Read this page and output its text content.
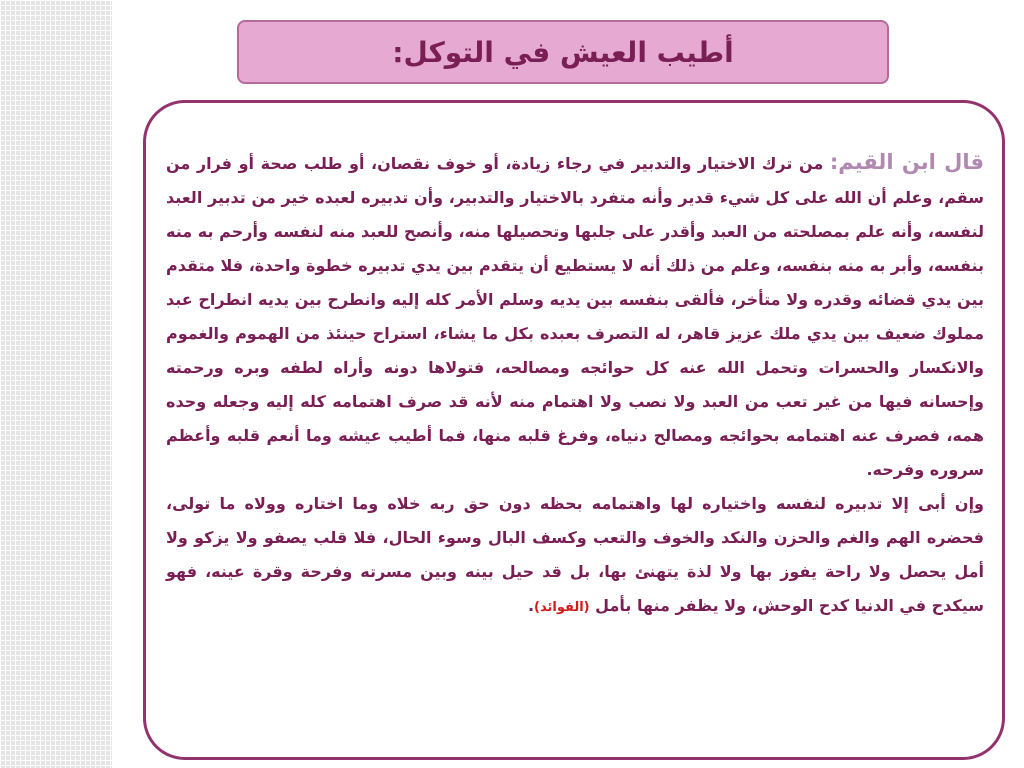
أطيب العيش في التوكل:

قال ابن القيم: من ترك الاختيار والتدبير في رجاء زيادة، أو خوف نقصان، أو طلب صحة أو فرار من سقم، وعلم أن الله على كل شيء قدير وأنه متفرد بالاختيار والتدبير، وأن تدبيره لعبده خير من تدبير العبد لنفسه، وأنه علم بمصلحته من العبد وأقدر على جلبها وتحصيلها منه، وأنصح للعبد منه لنفسه وأرحم به منه بنفسه، وأبر به منه بنفسه، وعلم من ذلك أنه لا يستطيع أن يتقدم بين يدي تدبيره خطوة واحدة، فلا متقدم بين يدي قضائه وقدره ولا متأخر، فألقى بنفسه بين يديه وسلم الأمر كله إليه وانطرح بين يديه انطراح عبد مملوك ضعيف بين يدي ملك عزيز قاهر، له التصرف بعبده بكل ما يشاء، استراح حينئذ من الهموم والغموم والانكسار والحسرات وتحمل الله عنه كل حوائجه ومصالحه، فتولاها دونه وأراه لطفه وبره ورحمته وإحسانه فيها من غير تعب من العبد ولا نصب ولا اهتمام منه لأنه قد صرف اهتمامه كله إليه وجعله وحده همه، فصرف عنه اهتمامه بحوائجه ومصالح دنياه، وفرغ قلبه منها، فما أطيب عيشه وما أنعم قلبه وأعظم سروره وفرحه.

وإن أبى إلا تدبيره لنفسه واختياره لها واهتمامه بحظه دون حق ربه خلاه وما اختاره وولاه ما تولى، فحضره الهم والغم والحزن والنكد والخوف والتعب وكسف البال وسوء الحال، فلا قلب يصفو ولا يزكو ولا أمل يحصل ولا راحة يفوز بها ولا لذة يتهنئ بها، بل قد حيل بينه وبين مسرته وفرحة وقرة عينه، فهو سيكدح في الدنيا كدح الوحش، ولا يظفر منها بأمل (الفوائد).
